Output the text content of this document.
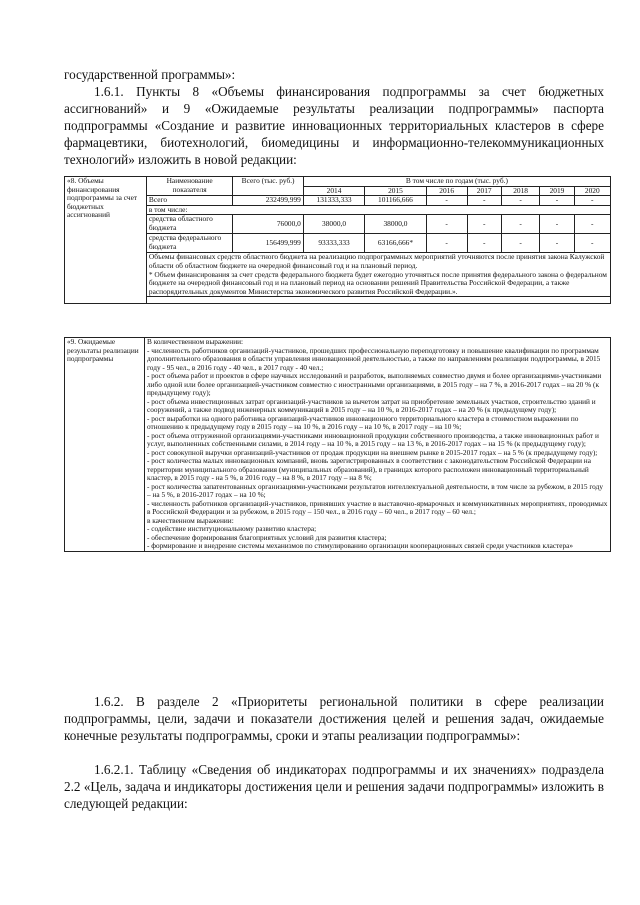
государственной программы»:

1.6.1. Пункты 8 «Объемы финансирования подпрограммы за счет бюджетных ассигнований» и 9 «Ожидаемые результаты реализации подпрограммы» паспорта подпрограммы «Создание и развитие инновационных территориальных кластеров в сфере фармацевтики, биотехнологий, биомедицины и информационно-телекоммуникационных технологий» изложить в новой редакции:

«8. Объемы финансирования подпрограммы за счет бюджетных ассигнований	Наименование показателя	Всего (тыс. руб.)	В том числе по годам (тыс. руб.)						
			2014	2015	2016	2017	2018	2019	2020
	Всего	232499,999	131333,333	101166,666	-	-	-	-	-
	в том числе:								
	средства областного бюджета	76000,0	38000,0	38000,0	-	-	-	-	-
	средства федерального бюджета	156499,999	93333,333	63166,666*	-	-	-	-	-

	Объемы финансовых средств областного бюджета на реализацию подпрограммных мероприятий уточняются после принятия закона Калужской области об областном бюджете на очередной финансовый год и на плановый период.
* Объем финансирования за счет средств федерального бюджета будет ежегодно уточняться после принятия федерального закона о федеральном бюджете на очередной финансовый год и на плановый период на основании решений Правительства Российской Федерации, а также распорядительных документов Министерства экономического развития Российской Федерации.».								

«9. Ожидаемые результаты реализации подпрограммы	
В количественном выражении:
- численность работников организаций-участников, прошедших профессиональную переподготовку и повышение квалификации по программам дополнительного образования в области управления инновационной деятельностью, а также по направлениям реализации подпрограммы, в 2015 году - 95 чел., в 2016 году - 40 чел., в 2017 году - 40 чел.;
- рост объема работ и проектов в сфере научных исследований и разработок, выполняемых совместно двумя и более организациями-участниками либо одной или более организацией-участником совместно с иностранными организациями, в 2015 году – на 7 %, в 2016-2017 годах – на 20 % (к предыдущему году);
- рост объема инвестиционных затрат организаций-участников за вычетом затрат на приобретение земельных участков, строительство зданий и сооружений, а также подвод инженерных коммуникаций в 2015 году – на 10 %, в 2016-2017 годах – на 20 % (к предыдущему году);
- рост выработки на одного работника организаций-участников инновационного территориального кластера в стоимостном выражении по отношению к предыдущему году в 2015 году – на 10 %, в 2016 году – на 10 %, в 2017 году – на 10 %;
- рост объема отгруженной организациями-участниками инновационной продукции собственного производства, а также инновационных работ и услуг, выполненных собственными силами, в 2014 году – на 10 %, в 2015 году – на 13 %, в 2016-2017 годах – на 15 % (к предыдущему году);
- рост совокупной выручки организаций-участников от продаж продукции на внешнем рынке в 2015-2017 годах – на 5 % (к предыдущему году);
- рост количества малых инновационных компаний, вновь зарегистрированных в соответствии с законодательством Российской Федерации на территории муниципального образования (муниципальных образований), в границах которого расположен инновационный территориальный кластер, в 2015 году - на 5 %, в 2016 году – на 8 %, в 2017 году – на 8 %;
- рост количества запатентованных организациями-участниками результатов интеллектуальной деятельности, в том числе за рубежом, в 2015 году – на 5 %, в 2016-2017 годах – на 10 %;
- численность работников организаций-участников, принявших участие в выставочно-ярмарочных и коммуникативных мероприятиях, проводимых в Российской Федерации и за рубежом, в 2015 году – 150 чел., в 2016 году – 60 чел., в 2017 году – 60 чел.;
в качественном выражении:
- содействие институциональному развитию кластера;
- обеспечение формирования благоприятных условий для развития кластера;
- формирование и внедрение системы механизмов по стимулированию организации кооперационных связей среди участников кластера»

1.6.2. В разделе 2 «Приоритеты региональной политики в сфере реализации подпрограммы, цели, задачи и показатели достижения целей и решения задач, ожидаемые конечные результаты подпрограммы, сроки и этапы реализации подпрограммы»:

1.6.2.1. Таблицу «Сведения об индикаторах подпрограммы и их значениях» подраздела 2.2 «Цель, задача и индикаторы достижения цели и решения задачи подпрограммы» изложить в следующей редакции:
